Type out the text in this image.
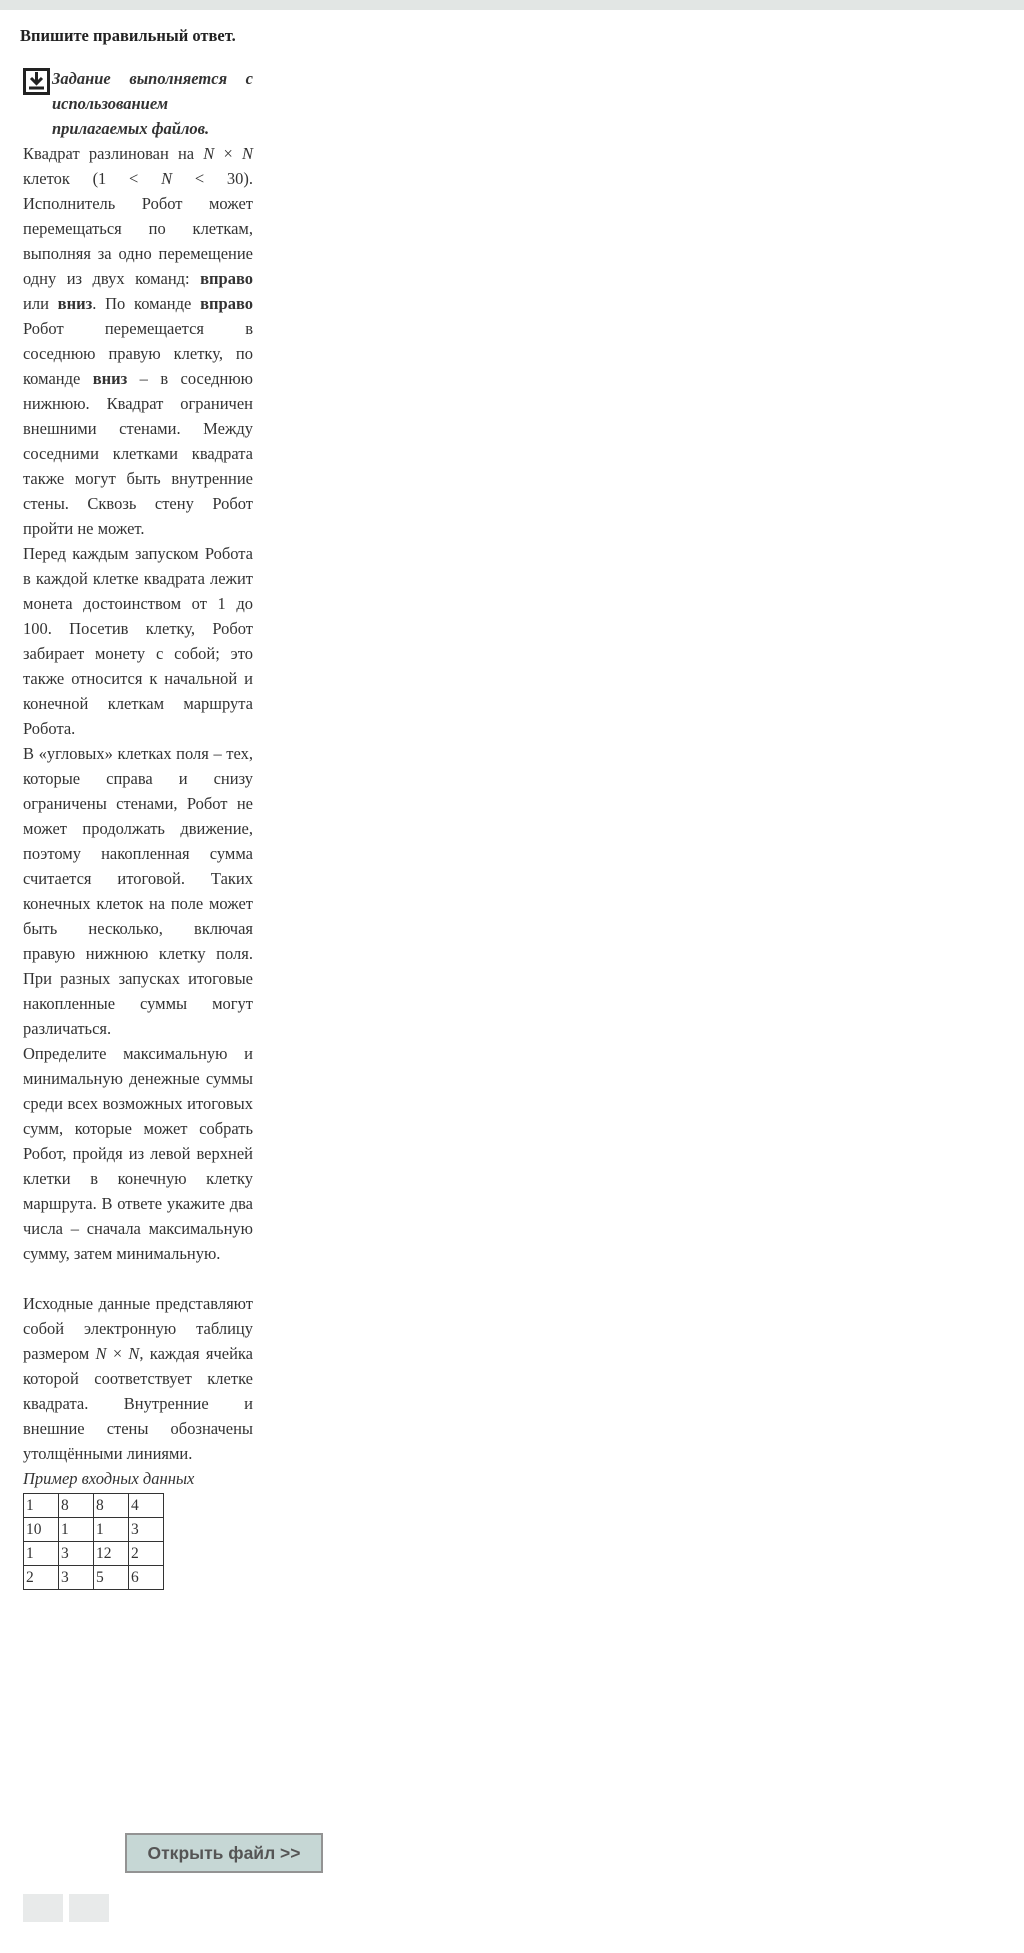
Впишите правильный ответ.
Задание выполняется с использованием прилагаемых файлов.
Квадрат разлинован на N × N клеток (1 < N < 30). Исполнитель Робот может перемещаться по клеткам, выполняя за одно перемещение одну из двух команд: вправо или вниз. По команде вправо Робот перемещается в соседнюю правую клетку, по команде вниз – в соседнюю нижнюю. Квадрат ограничен внешними стенами. Между соседними клетками квадрата также могут быть внутренние стены. Сквозь стену Робот пройти не может.
Перед каждым запуском Робота в каждой клетке квадрата лежит монета достоинством от 1 до 100. Посетив клетку, Робот забирает монету с собой; это также относится к начальной и конечной клеткам маршрута Робота.
В «угловых» клетках поля – тех, которые справа и снизу ограничены стенами, Робот не может продолжать движение, поэтому накопленная сумма считается итоговой. Таких конечных клеток на поле может быть несколько, включая правую нижнюю клетку поля. При разных запусках итоговые накопленные суммы могут различаться.
Определите максимальную и минимальную денежные суммы среди всех возможных итоговых сумм, которые может собрать Робот, пройдя из левой верхней клетки в конечную клетку маршрута. В ответе укажите два числа – сначала максимальную сумму, затем минимальную.
Исходные данные представляют собой электронную таблицу размером N × N, каждая ячейка которой соответствует клетке квадрата. Внутренние и внешние стены обозначены утолщёнными линиями.
Пример входных данных
1	8	8	4
10	1	1	3
1	3	12	2
2	3	5	6
Открыть файл >>
